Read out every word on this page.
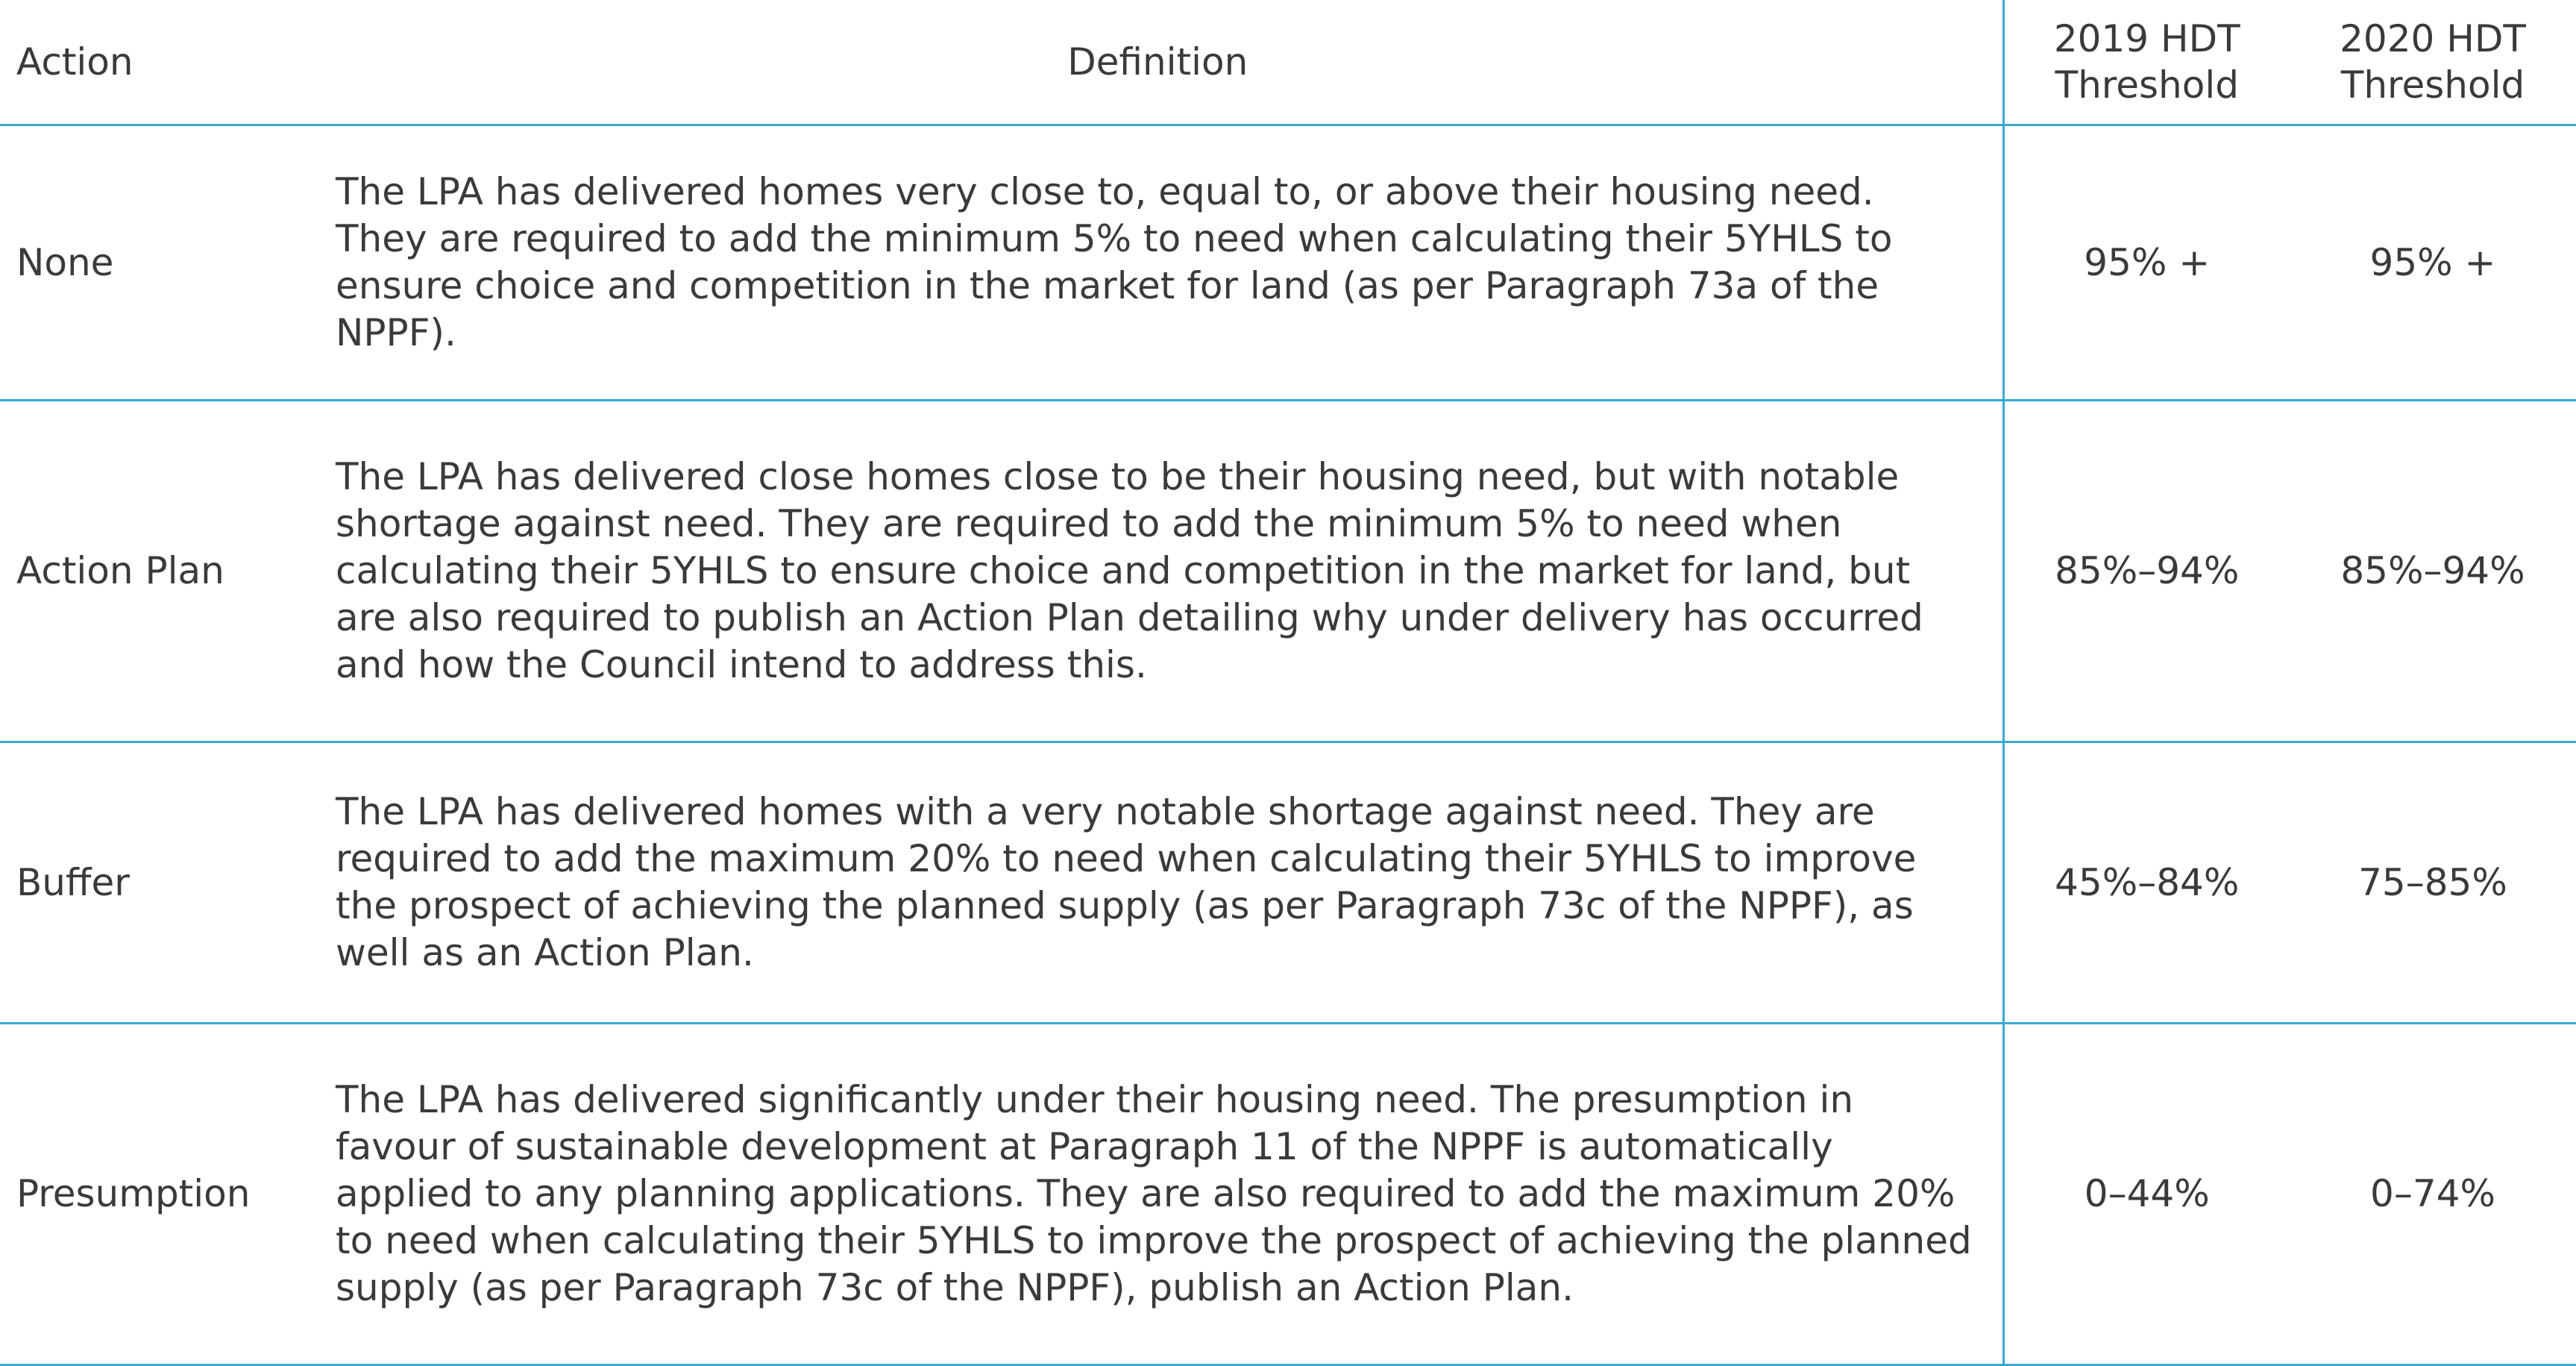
Action	Definition	2019 HDT Threshold	2020 HDT Threshold
None	The LPA has delivered homes very close to, equal to, or above their housing need. They are required to add the minimum 5% to need when calculating their 5YHLS to ensure choice and competition in the market for land (as per Paragraph 73a of the NPPF).	95% +	95% +
Action Plan	The LPA has delivered close homes close to be their housing need, but with notable shortage against need. They are required to add the minimum 5% to need when calculating their 5YHLS to ensure choice and competition in the market for land, but are also required to publish an Action Plan detailing why under delivery has occurred and how the Council intend to address this.	85%–94%	85%–94%
Buffer	The LPA has delivered homes with a very notable shortage against need. They are required to add the maximum 20% to need when calculating their 5YHLS to improve the prospect of achieving the planned supply (as per Paragraph 73c of the NPPF), as well as an Action Plan.	45%–84%	75–85%
Presumption	The LPA has delivered significantly under their housing need. The presumption in favour of sustainable development at Paragraph 11 of the NPPF is automatically applied to any planning applications. They are also required to add the maximum 20% to need when calculating their 5YHLS to improve the prospect of achieving the planned supply (as per Paragraph 73c of the NPPF), publish an Action Plan.	0–44%	0–74%
